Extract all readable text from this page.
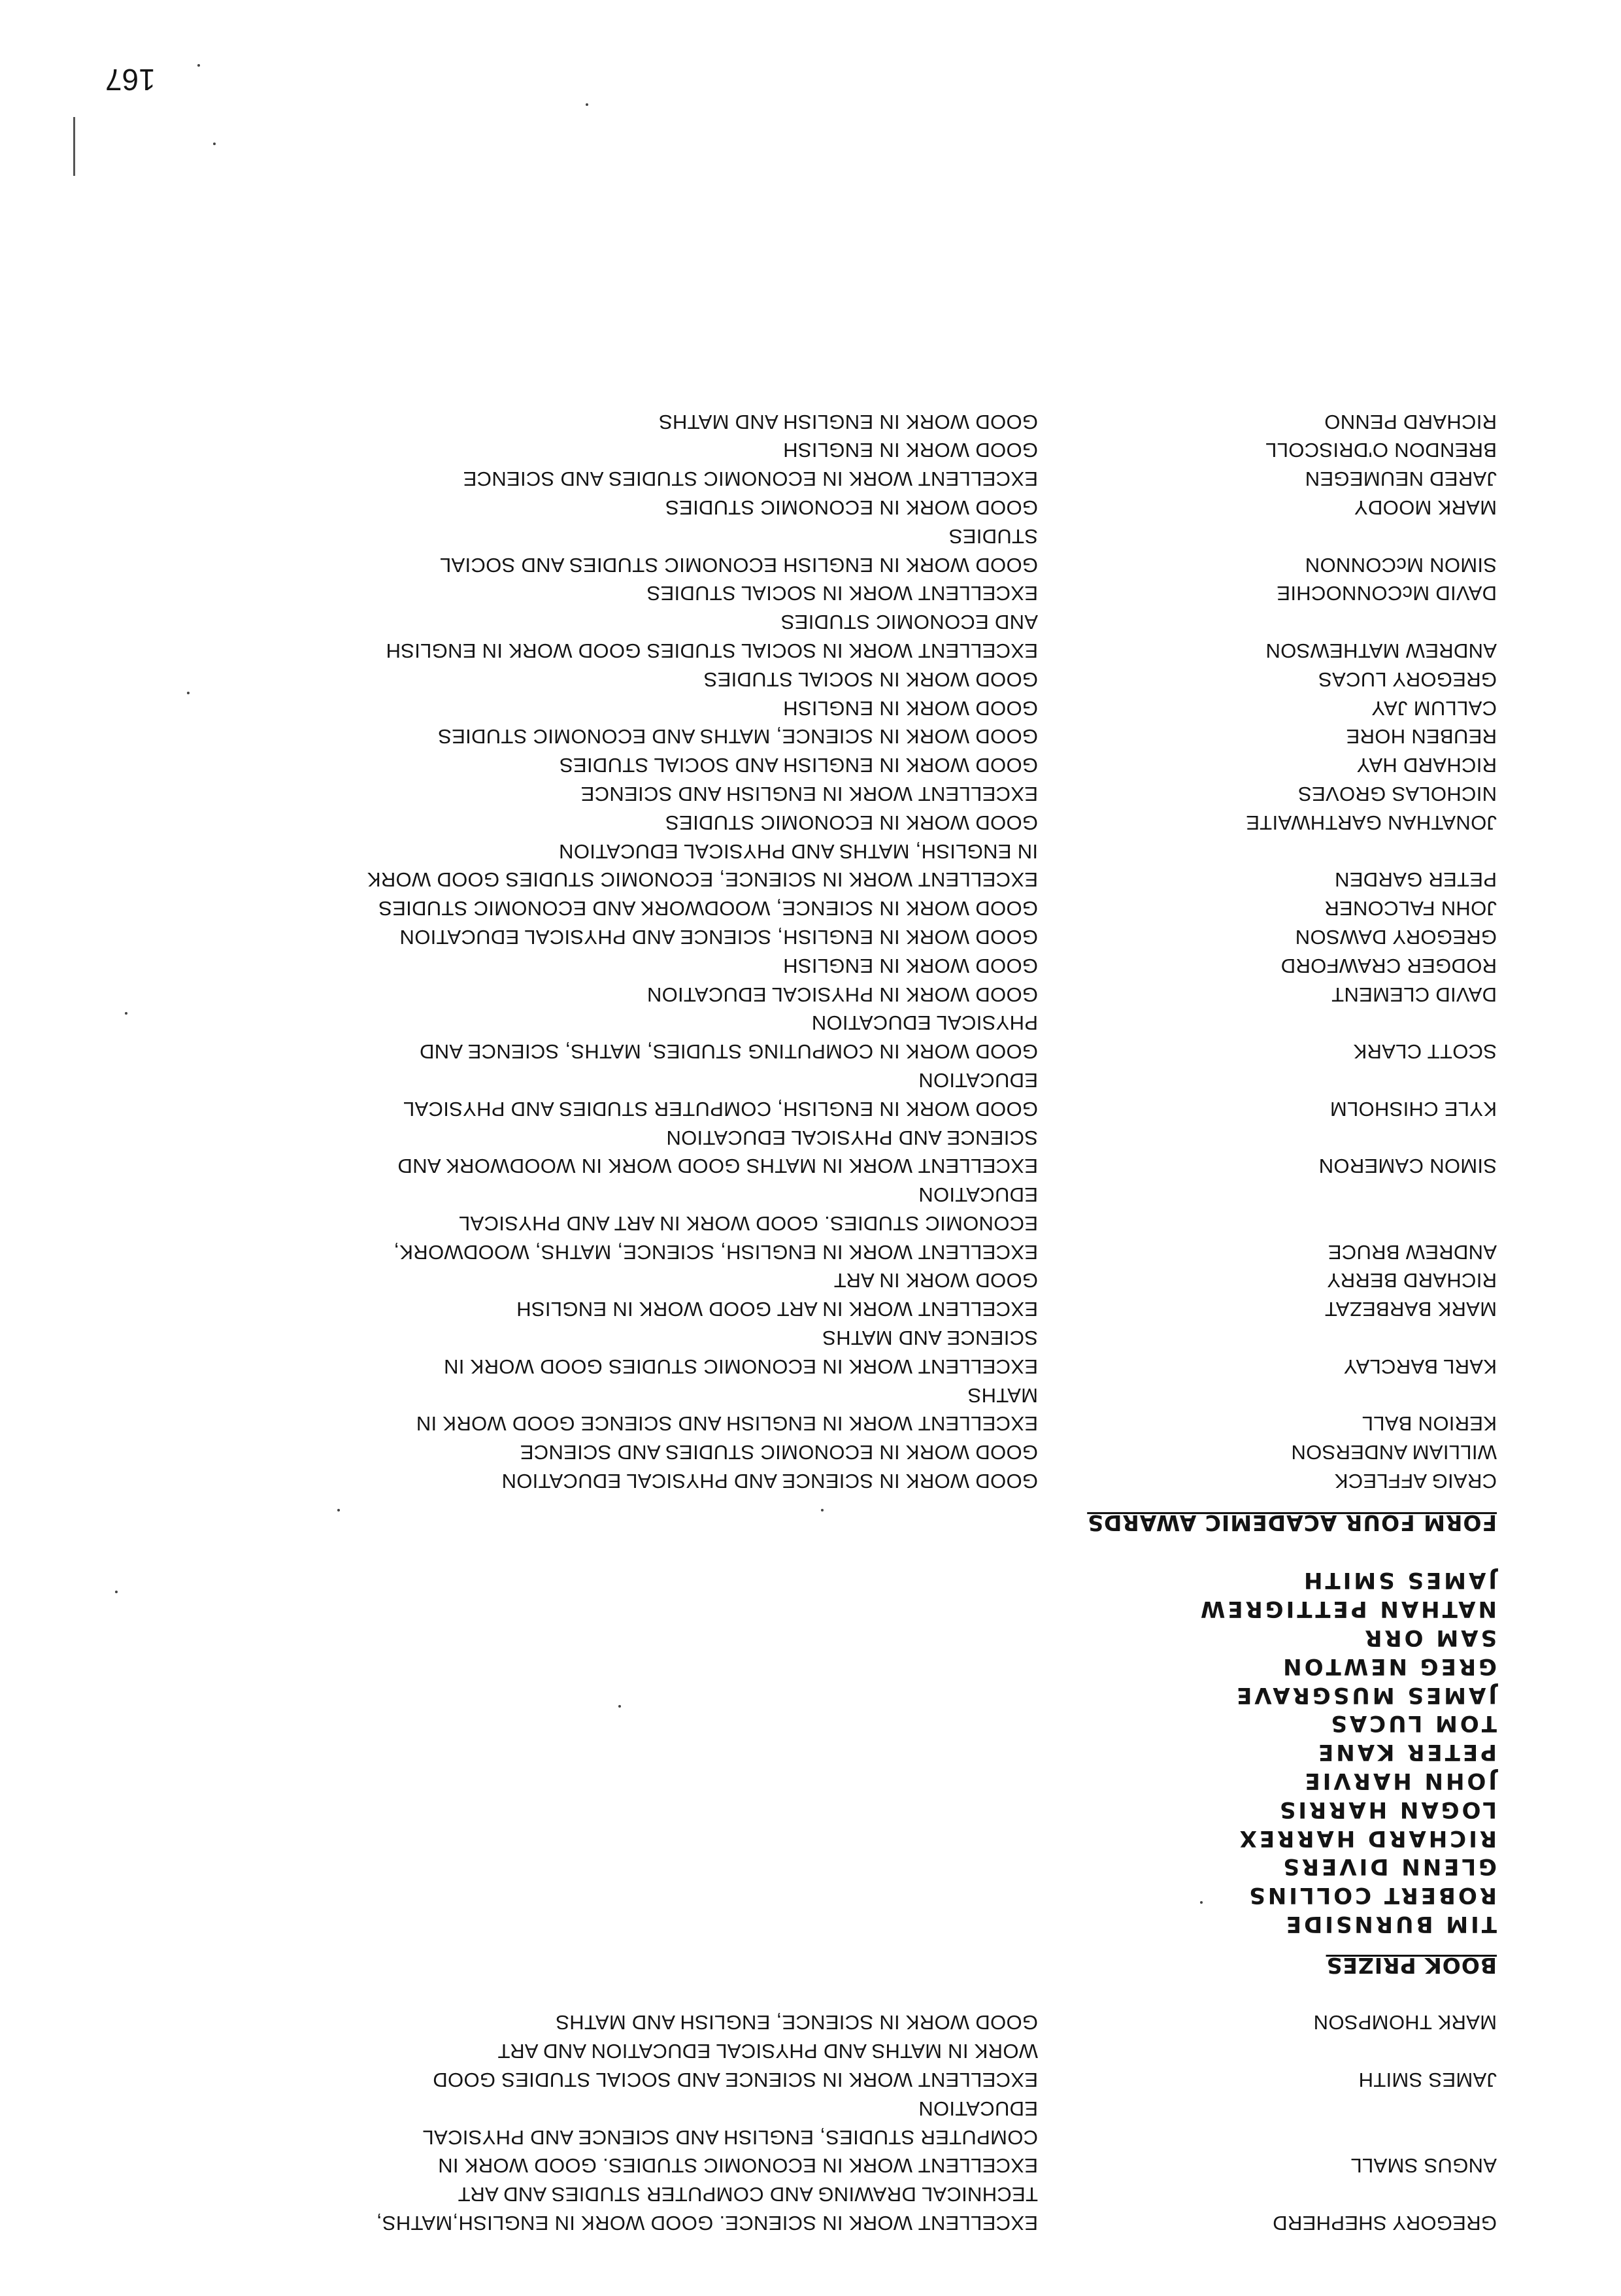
GREGORY SHEPHERD
EXCELLENT WORK IN SCIENCE. GOOD WORK IN ENGLISH,MATHS,
TECHNICAL DRAWING AND COMPUTER STUDIES AND ART
ANGUS SMALL
EXCELLENT WORK IN ECONOMIC STUDIES. GOOD WORK IN
COMPUTER STUDIES, ENGLISH AND SCIENCE AND PHYSICAL
EDUCATION
JAMES SMITH
EXCELLENT WORK IN SCIENCE AND SOCIAL STUDIES GOOD
WORK IN MATHS AND PHYSICAL EDUCATION AND ART
MARK THOMPSON
GOOD WORK IN SCIENCE, ENGLISH AND MATHS
BOOK PRIZES
TIM BURNSIDE
ROBERT COLLINS
GLENN DIVERS
RICHARD HARREX
LOGAN HARRIS
JOHN HARVIE
PETER KANE
TOM LUCAS
JAMES MUSGRAVE
GREG NEWTON
SAM ORR
NATHAN PETTIGREW
JAMES SMITH
FORM FOUR ACADEMIC AWARDS
CRAIG AFFLECK
GOOD WORK IN SCIENCE AND PHYSICAL EDUCATION
WILLIAM ANDERSON
GOOD WORK IN ECONOMIC STUDIES AND SCIENCE
KERION BALL
EXCELLENT WORK IN ENGLISH AND SCIENCE GOOD WORK IN
MATHS
KARL BARCLAY
EXCELLENT WORK IN ECONOMIC STUDIES GOOD WORK IN
SCIENCE AND MATHS
MARK BARBEZAT
EXCELLENT WORK IN ART GOOD WORK IN ENGLISH
RICHARD BERRY
GOOD WORK IN ART
ANDREW BRUCE
EXCELLENT WORK IN ENGLISH, SCIENCE, MATHS, WOODWORK,
ECONOMIC STUDIES. GOOD WORK IN ART AND PHYSICAL
EDUCATION
SIMON CAMERON
EXCELLENT WORK IN MATHS GOOD WORK IN WOODWORK AND
SCIENCE AND PHYSICAL EDUCATION
KYLE CHISHOLM
GOOD WORK IN ENGLISH, COMPUTER STUDIES AND PHYSICAL
EDUCATION
SCOTT CLARK
GOOD WORK IN COMPUTING STUDIES, MATHS, SCIENCE AND
PHYSICAL EDUCATION
DAVID CLEMENT
GOOD WORK IN PHYSICAL EDUCATION
RODGER CRAWFORD
GOOD WORK IN ENGLISH
GREGORY DAWSON
GOOD WORK IN ENGLISH, SCIENCE AND PHYSICAL EDUCATION
JOHN FALCONER
GOOD WORK IN SCIENCE, WOODWORK AND ECONOMIC STUDIES
PETER GARDEN
EXCELLENT WORK IN SCIENCE, ECONOMIC STUDIES GOOD WORK
IN ENGLISH, MATHS AND PHYSICAL EDUCATION
JONATHAN GARTHWAITE
GOOD WORK IN ECONOMIC STUDIES
NICHOLAS GROVES
EXCELLENT WORK IN ENGLISH AND SCIENCE
RICHARD HAY
GOOD WORK IN ENGLISH AND SOCIAL STUDIES
REUBEN HORE
GOOD WORK IN SCIENCE, MATHS AND ECONOMIC STUDIES
CALLUM JAY
GOOD WORK IN ENGLISH
GREGORY LUCAS
GOOD WORK IN SOCIAL STUDIES
ANDREW MATHEWSON
EXCELLENT WORK IN SOCIAL STUDIES GOOD WORK IN ENGLISH
AND ECONOMIC STUDIES
DAVID McCONNOCHIE
EXCELLENT WORK IN SOCIAL STUDIES
SIMON McCONNON
GOOD WORK IN ENGLISH ECONOMIC STUDIES AND SOCIAL
STUDIES
MARK MOODY
GOOD WORK IN ECONOMIC STUDIES
JARED NEUMEGEN
EXCELLENT WORK IN ECONOMIC STUDIES AND SCIENCE
BRENDON O'DRISCOLL
GOOD WORK IN ENGLISH
RICHARD PENNO
GOOD WORK IN ENGLISH AND MATHS
167
